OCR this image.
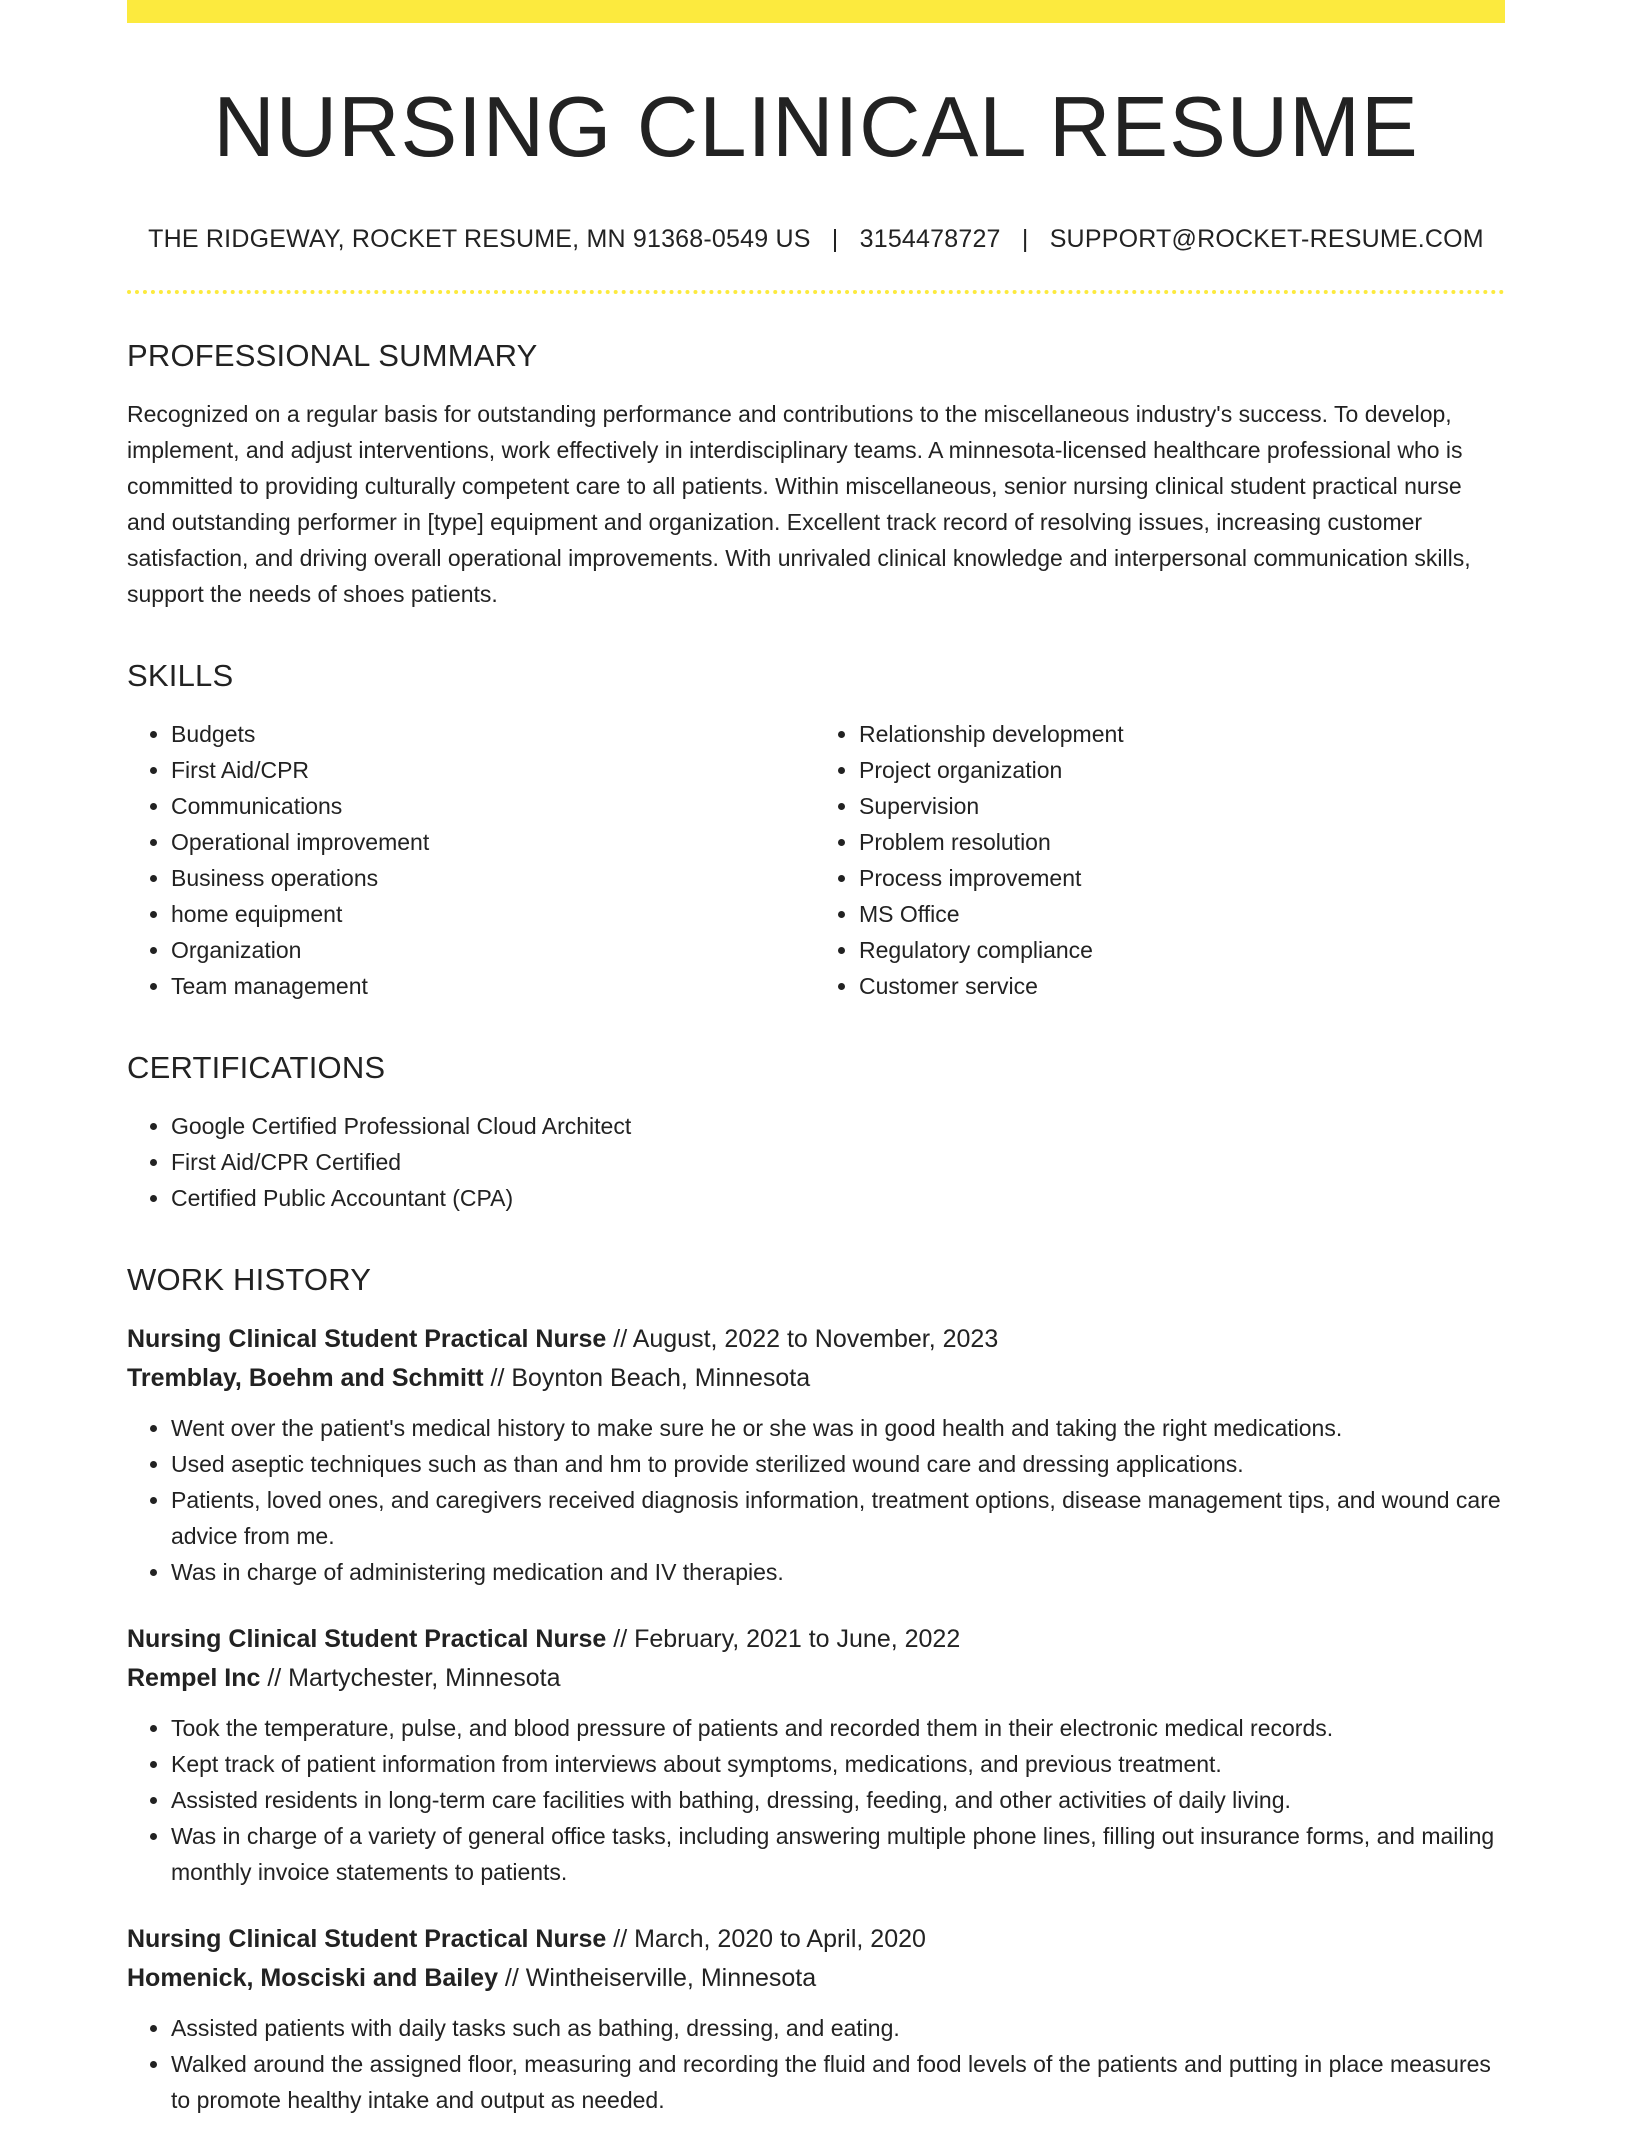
NURSING CLINICAL RESUME
THE RIDGEWAY, ROCKET RESUME, MN 91368-0549 US | 3154478727 | SUPPORT@ROCKET-RESUME.COM
PROFESSIONAL SUMMARY

Recognized on a regular basis for outstanding performance and contributions to the miscellaneous industry's success. To develop, implement, and adjust interventions, work effectively in interdisciplinary teams. A minnesota-licensed healthcare professional who is committed to providing culturally competent care to all patients. Within miscellaneous, senior nursing clinical student practical nurse and outstanding performer in [type] equipment and organization. Excellent track record of resolving issues, increasing customer satisfaction, and driving overall operational improvements. With unrivaled clinical knowledge and interpersonal communication skills, support the needs of shoes patients.

SKILLS
• Budgets
• First Aid/CPR
• Communications
• Operational improvement
• Business operations
• home equipment
• Organization
• Team management
• Relationship development
• Project organization
• Supervision
• Problem resolution
• Process improvement
• MS Office
• Regulatory compliance
• Customer service
CERTIFICATIONS
• Google Certified Professional Cloud Architect
• First Aid/CPR Certified
• Certified Public Accountant (CPA)
WORK HISTORY
Nursing Clinical Student Practical Nurse // August, 2022 to November, 2023
Tremblay, Boehm and Schmitt // Boynton Beach, Minnesota
• Went over the patient's medical history to make sure he or she was in good health and taking the right medications.
• Used aseptic techniques such as than and hm to provide sterilized wound care and dressing applications.
• Patients, loved ones, and caregivers received diagnosis information, treatment options, disease management tips, and wound care advice from me.
• Was in charge of administering medication and IV therapies.
Nursing Clinical Student Practical Nurse // February, 2021 to June, 2022
Rempel Inc // Martychester, Minnesota
• Took the temperature, pulse, and blood pressure of patients and recorded them in their electronic medical records.
• Kept track of patient information from interviews about symptoms, medications, and previous treatment.
• Assisted residents in long-term care facilities with bathing, dressing, feeding, and other activities of daily living.
• Was in charge of a variety of general office tasks, including answering multiple phone lines, filling out insurance forms, and mailing monthly invoice statements to patients.
Nursing Clinical Student Practical Nurse // March, 2020 to April, 2020
Homenick, Mosciski and Bailey // Wintheiserville, Minnesota
• Assisted patients with daily tasks such as bathing, dressing, and eating.
• Walked around the assigned floor, measuring and recording the fluid and food levels of the patients and putting in place measures to promote healthy intake and output as needed.
